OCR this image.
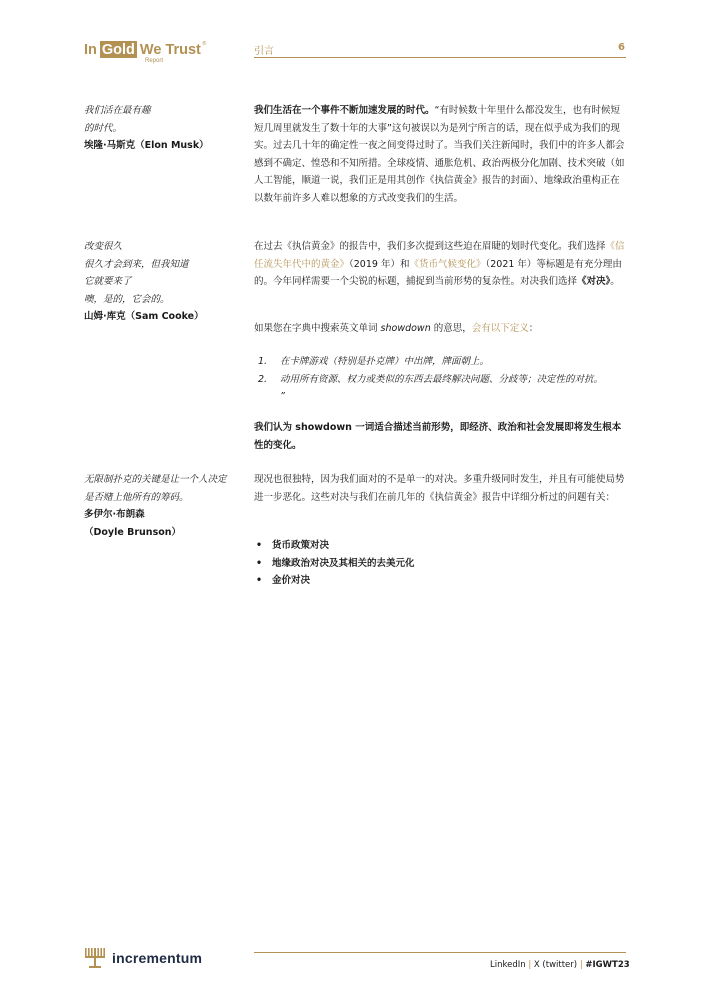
In Gold We Trust ®
Report
引言	6
我们活在最有趣
的时代。
埃隆·马斯克（Elon Musk）
改变很久
很久才会到来，但我知道
它就要来了
噢，是的，它会的。
山姆·库克（Sam Cooke）
无限制扑克的关键是让一个人决定
是否赌上他所有的筹码。
多伊尔·布朗森
（Doyle Brunson）

我们生活在一个事件不断加速发展的时代。“有时候数十年里什么都没发生，也有时候短短几周里就发生了数十年的大事”这句被误以为是列宁所言的话，现在似乎成为我们的现实。过去几十年的确定性一夜之间变得过时了。当我们关注新闻时，我们中的许多人都会感到不确定、惶恐和不知所措。全球疫情、通胀危机、政治两极分化加剧、技术突破（如人工智能，顺道一说，我们正是用其创作《执信黄金》报告的封面）、地缘政治重构正在以数年前许多人难以想象的方式改变我们的生活。

在过去《执信黄金》的报告中，我们多次提到这些迫在眉睫的划时代变化。我们选择《信任流失年代中的黄金》（2019 年）和《货币气候变化》（2021 年）等标题是有充分理由的。今年同样需要一个尖锐的标题，捕捉到当前形势的复杂性。对决我们选择《对决》。

如果您在字典中搜索英文单词 showdown 的意思，会有以下定义：

1.	在卡牌游戏（特别是扑克牌）中出牌，牌面朝上。
2.	动用所有资源、权力或类似的东西去最终解决问题、分歧等；决定性的对抗。
”

我们认为 showdown 一词适合描述当前形势，即经济、政治和社会发展即将发生根本性的变化。

现况也很独特，因为我们面对的不是单一的对决。多重升级同时发生，并且有可能使局势进一步恶化。这些对决与我们在前几年的《执信黄金》报告中详细分析过的问题有关：

•	货币政策对决
•	地缘政治对决及其相关的去美元化
•	金价对决
incrementum	LinkedIn | X (twitter) | #IGWT23
